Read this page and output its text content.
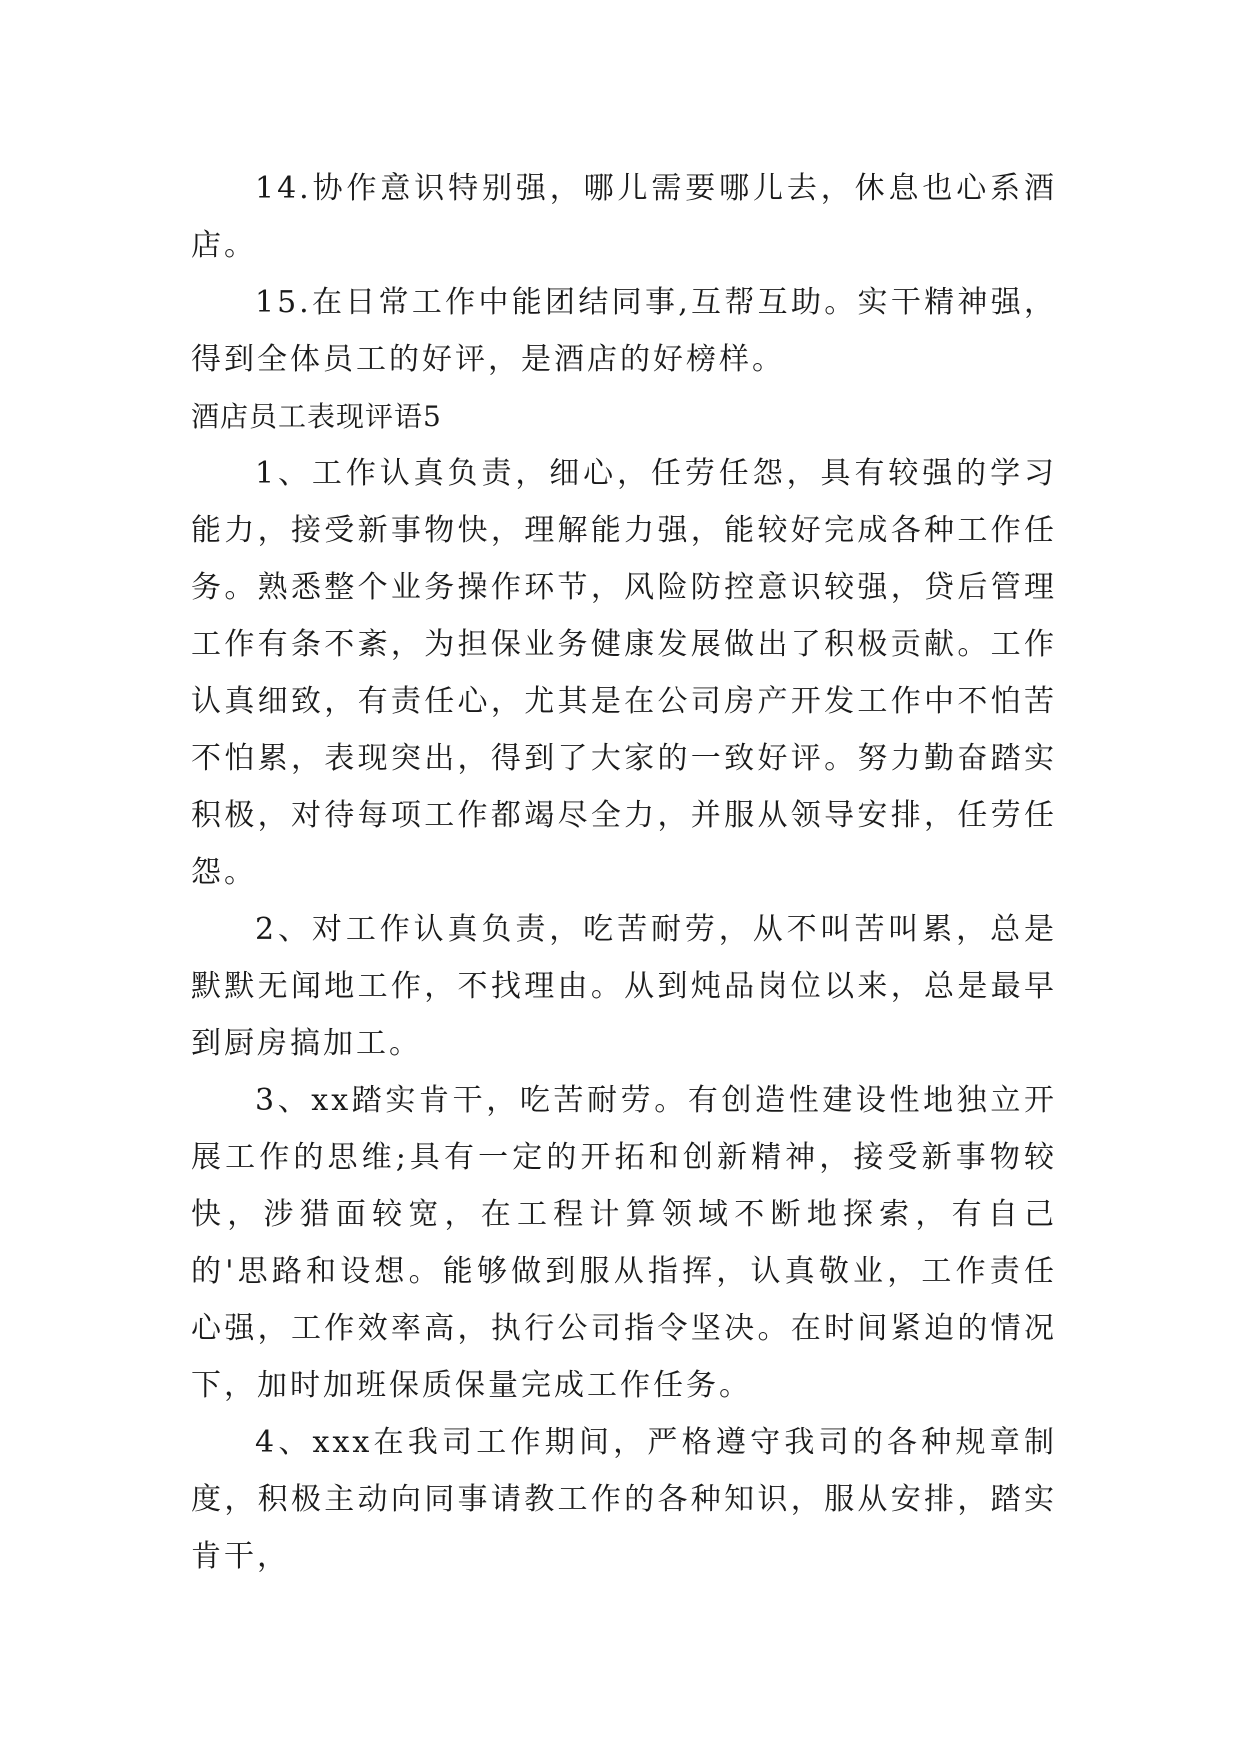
14.协作意识特别强，哪儿需要哪儿去，休息也心系酒店。

15.在日常工作中能团结同事,互帮互助。实干精神强，得到全体员工的好评，是酒店的好榜样。

酒店员工表现评语5

1、工作认真负责，细心，任劳任怨，具有较强的学习能力，接受新事物快，理解能力强，能较好完成各种工作任务。熟悉整个业务操作环节，风险防控意识较强，贷后管理工作有条不紊，为担保业务健康发展做出了积极贡献。工作认真细致，有责任心，尤其是在公司房产开发工作中不怕苦不怕累，表现突出，得到了大家的一致好评。努力勤奋踏实积极，对待每项工作都竭尽全力，并服从领导安排，任劳任怨。

2、对工作认真负责，吃苦耐劳，从不叫苦叫累，总是默默无闻地工作，不找理由。从到炖品岗位以来，总是最早到厨房搞加工。

3、xx踏实肯干，吃苦耐劳。有创造性建设性地独立开展工作的思维;具有一定的开拓和创新精神，接受新事物较快，涉猎面较宽，在工程计算领域不断地探索，有自己的'思路和设想。能够做到服从指挥，认真敬业，工作责任心强，工作效率高，执行公司指令坚决。在时间紧迫的情况下，加时加班保质保量完成工作任务。

4、xxx在我司工作期间，严格遵守我司的各种规章制度，积极主动向同事请教工作的各种知识，服从安排，踏实肯干，
